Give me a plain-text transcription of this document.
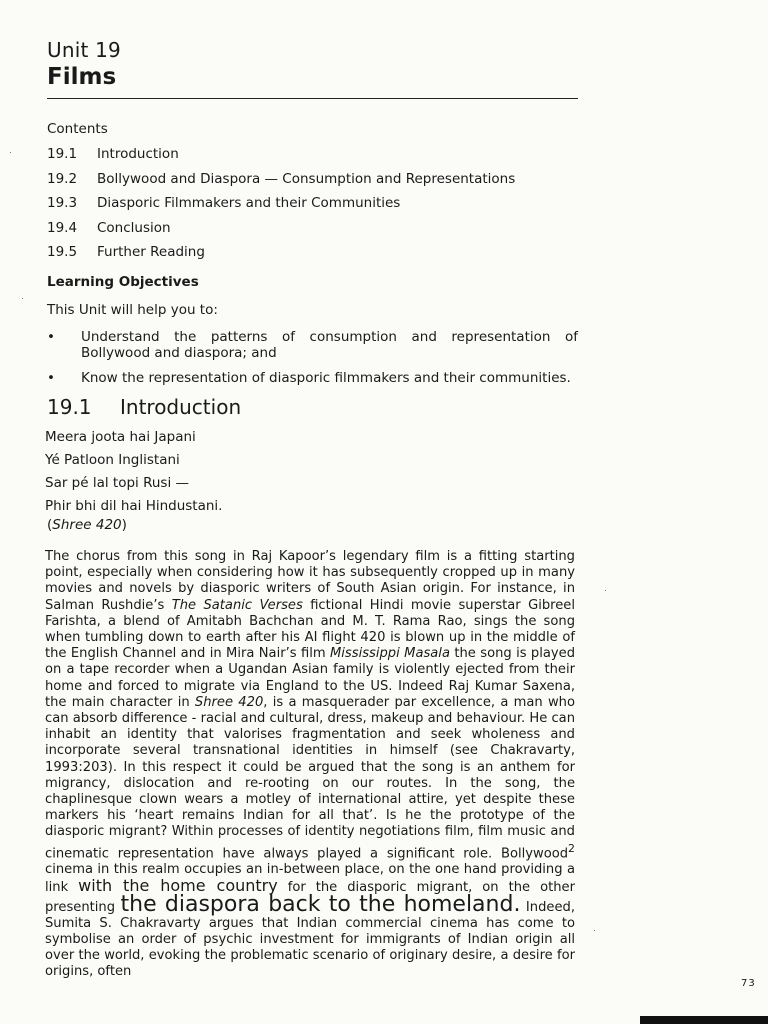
Unit 19
Films
Contents
19.1 Introduction
19.2 Bollywood and Diaspora — Consumption and Representations
19.3 Diasporic Filmmakers and their Communities
19.4 Conclusion
19.5 Further Reading
Learning Objectives
This Unit will help you to:
• Understand the patterns of consumption and representation of Bollywood and diaspora; and
• Know the representation of diasporic filmmakers and their communities.
19.1 Introduction
Meera joota hai Japani
Yé Patloon Inglistani
Sar pé lal topi Rusi —
Phir bhi dil hai Hindustani.
(Shree 420)

The chorus from this song in Raj Kapoor’s legendary film is a fitting starting point, especially when considering how it has subsequently cropped up in many movies and novels by diasporic writers of South Asian origin. For instance, in Salman Rushdie’s The Satanic Verses fictional Hindi movie superstar Gibreel Farishta, a blend of Amitabh Bachchan and M. T. Rama Rao, sings the song when tumbling down to earth after his AI flight 420 is blown up in the middle of the English Channel and in Mira Nair’s film Mississippi Masala the song is played on a tape recorder when a Ugandan Asian family is violently ejected from their home and forced to migrate via England to the US. Indeed Raj Kumar Saxena, the main character in Shree 420, is a masquerader par excellence, a man who can absorb difference - racial and cultural, dress, makeup and behaviour. He can inhabit an identity that valorises fragmentation and seek wholeness and incorporate several transnational identities in himself (see Chakravarty, 1993:203). In this respect it could be argued that the song is an anthem for migrancy, dislocation and re-rooting on our routes. In the song, the chaplinesque clown wears a motley of international attire, yet despite these markers his ‘heart remains Indian for all that’. Is he the prototype of the diasporic migrant? Within processes of identity negotiations film, film music and cinematic representation have always played a significant role. Bollywood$^2$ cinema in this realm occupies an in-between place, on the one hand providing a link with the home country for the diasporic migrant, on the other presenting the diaspora back to the homeland. Indeed, Sumita S. Chakravarty argues that Indian commercial cinema has come to symbolise an order of psychic investment for immigrants of Indian origin all over the world, evoking the problematic scenario of originary desire, a desire for origins, often

73
